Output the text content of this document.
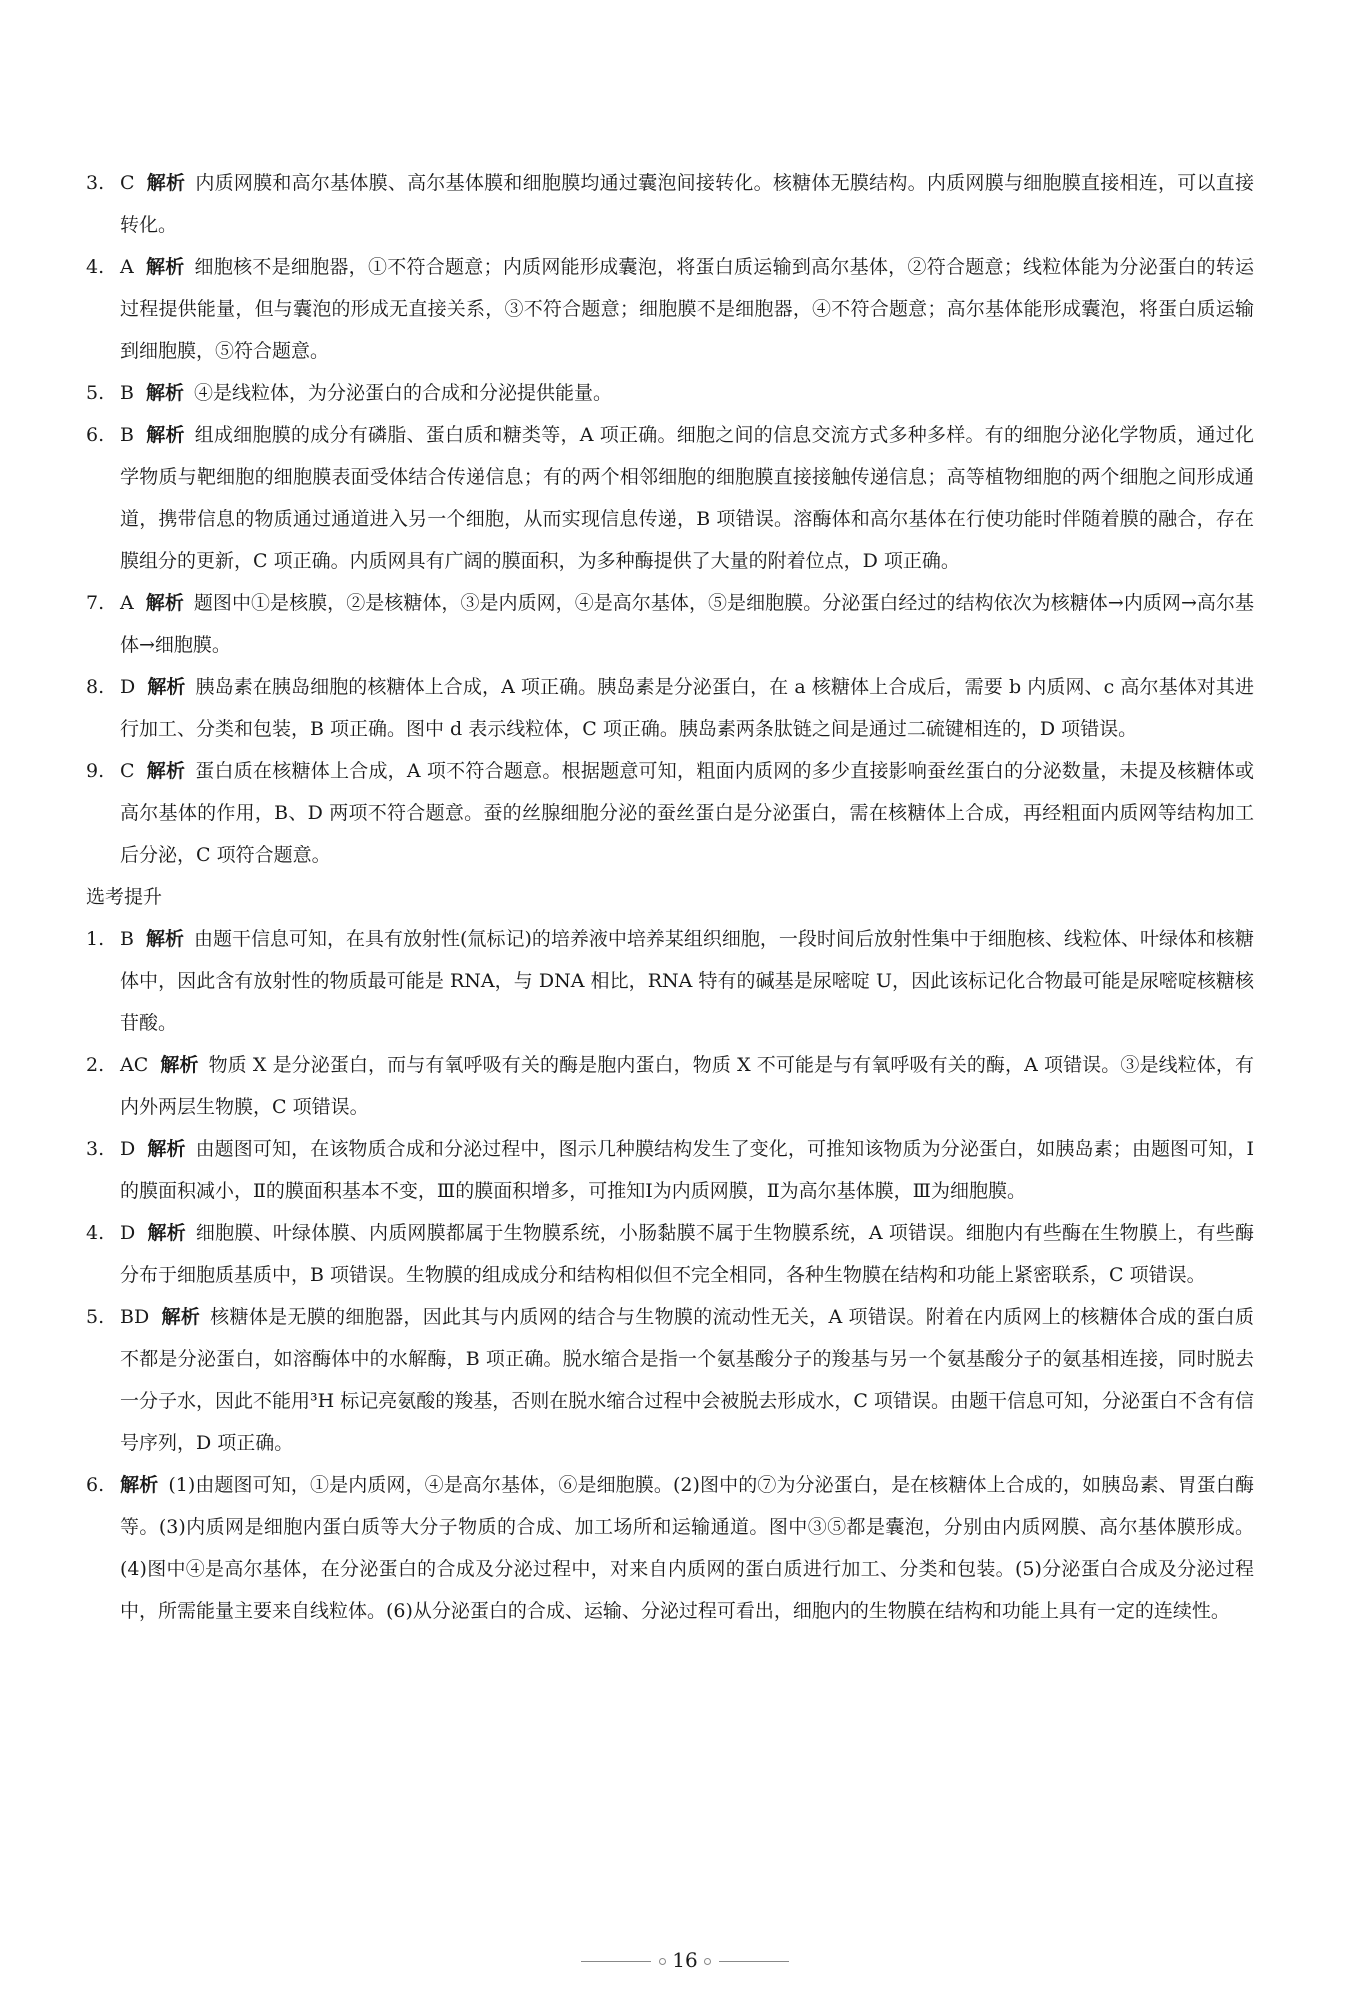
3. C 解析 内质网膜和高尔基体膜、高尔基体膜和细胞膜均通过囊泡间接转化。核糖体无膜结构。内质网膜与细胞膜直接相连，可以直接转化。

4. A 解析 细胞核不是细胞器，①不符合题意；内质网能形成囊泡，将蛋白质运输到高尔基体，②符合题意；线粒体能为分泌蛋白的转运过程提供能量，但与囊泡的形成无直接关系，③不符合题意；细胞膜不是细胞器，④不符合题意；高尔基体能形成囊泡，将蛋白质运输到细胞膜，⑤符合题意。

5. B 解析 ④是线粒体，为分泌蛋白的合成和分泌提供能量。

6. B 解析 组成细胞膜的成分有磷脂、蛋白质和糖类等，A 项正确。细胞之间的信息交流方式多种多样。有的细胞分泌化学物质，通过化学物质与靶细胞的细胞膜表面受体结合传递信息；有的两个相邻细胞的细胞膜直接接触传递信息；高等植物细胞的两个细胞之间形成通道，携带信息的物质通过通道进入另一个细胞，从而实现信息传递，B 项错误。溶酶体和高尔基体在行使功能时伴随着膜的融合，存在膜组分的更新，C 项正确。内质网具有广阔的膜面积，为多种酶提供了大量的附着位点，D 项正确。

7. A 解析 题图中①是核膜，②是核糖体，③是内质网，④是高尔基体，⑤是细胞膜。分泌蛋白经过的结构依次为核糖体→内质网→高尔基体→细胞膜。

8. D 解析 胰岛素在胰岛细胞的核糖体上合成，A 项正确。胰岛素是分泌蛋白，在 a 核糖体上合成后，需要 b 内质网、c 高尔基体对其进行加工、分类和包装，B 项正确。图中 d 表示线粒体，C 项正确。胰岛素两条肽链之间是通过二硫键相连的，D 项错误。

9. C 解析 蛋白质在核糖体上合成，A 项不符合题意。根据题意可知，粗面内质网的多少直接影响蚕丝蛋白的分泌数量，未提及核糖体或高尔基体的作用，B、D 两项不符合题意。蚕的丝腺细胞分泌的蚕丝蛋白是分泌蛋白，需在核糖体上合成，再经粗面内质网等结构加工后分泌，C 项符合题意。

选考提升

1. B 解析 由题干信息可知，在具有放射性(氚标记)的培养液中培养某组织细胞，一段时间后放射性集中于细胞核、线粒体、叶绿体和核糖体中，因此含有放射性的物质最可能是 RNA，与 DNA 相比，RNA 特有的碱基是尿嘧啶 U，因此该标记化合物最可能是尿嘧啶核糖核苷酸。

2. AC 解析 物质 X 是分泌蛋白，而与有氧呼吸有关的酶是胞内蛋白，物质 X 不可能是与有氧呼吸有关的酶，A 项错误。③是线粒体，有内外两层生物膜，C 项错误。

3. D 解析 由题图可知，在该物质合成和分泌过程中，图示几种膜结构发生了变化，可推知该物质为分泌蛋白，如胰岛素；由题图可知，Ⅰ的膜面积减小，Ⅱ的膜面积基本不变，Ⅲ的膜面积增多，可推知Ⅰ为内质网膜，Ⅱ为高尔基体膜，Ⅲ为细胞膜。

4. D 解析 细胞膜、叶绿体膜、内质网膜都属于生物膜系统，小肠黏膜不属于生物膜系统，A 项错误。细胞内有些酶在生物膜上，有些酶分布于细胞质基质中，B 项错误。生物膜的组成成分和结构相似但不完全相同，各种生物膜在结构和功能上紧密联系，C 项错误。

5. BD 解析 核糖体是无膜的细胞器，因此其与内质网的结合与生物膜的流动性无关，A 项错误。附着在内质网上的核糖体合成的蛋白质不都是分泌蛋白，如溶酶体中的水解酶，B 项正确。脱水缩合是指一个氨基酸分子的羧基与另一个氨基酸分子的氨基相连接，同时脱去一分子水，因此不能用³H 标记亮氨酸的羧基，否则在脱水缩合过程中会被脱去形成水，C 项错误。由题干信息可知，分泌蛋白不含有信号序列，D 项正确。

6. 解析 (1)由题图可知，①是内质网，④是高尔基体，⑥是细胞膜。(2)图中的⑦为分泌蛋白，是在核糖体上合成的，如胰岛素、胃蛋白酶等。(3)内质网是细胞内蛋白质等大分子物质的合成、加工场所和运输通道。图中③⑤都是囊泡，分别由内质网膜、高尔基体膜形成。(4)图中④是高尔基体，在分泌蛋白的合成及分泌过程中，对来自内质网的蛋白质进行加工、分类和包装。(5)分泌蛋白合成及分泌过程中，所需能量主要来自线粒体。(6)从分泌蛋白的合成、运输、分泌过程可看出，细胞内的生物膜在结构和功能上具有一定的连续性。

16
